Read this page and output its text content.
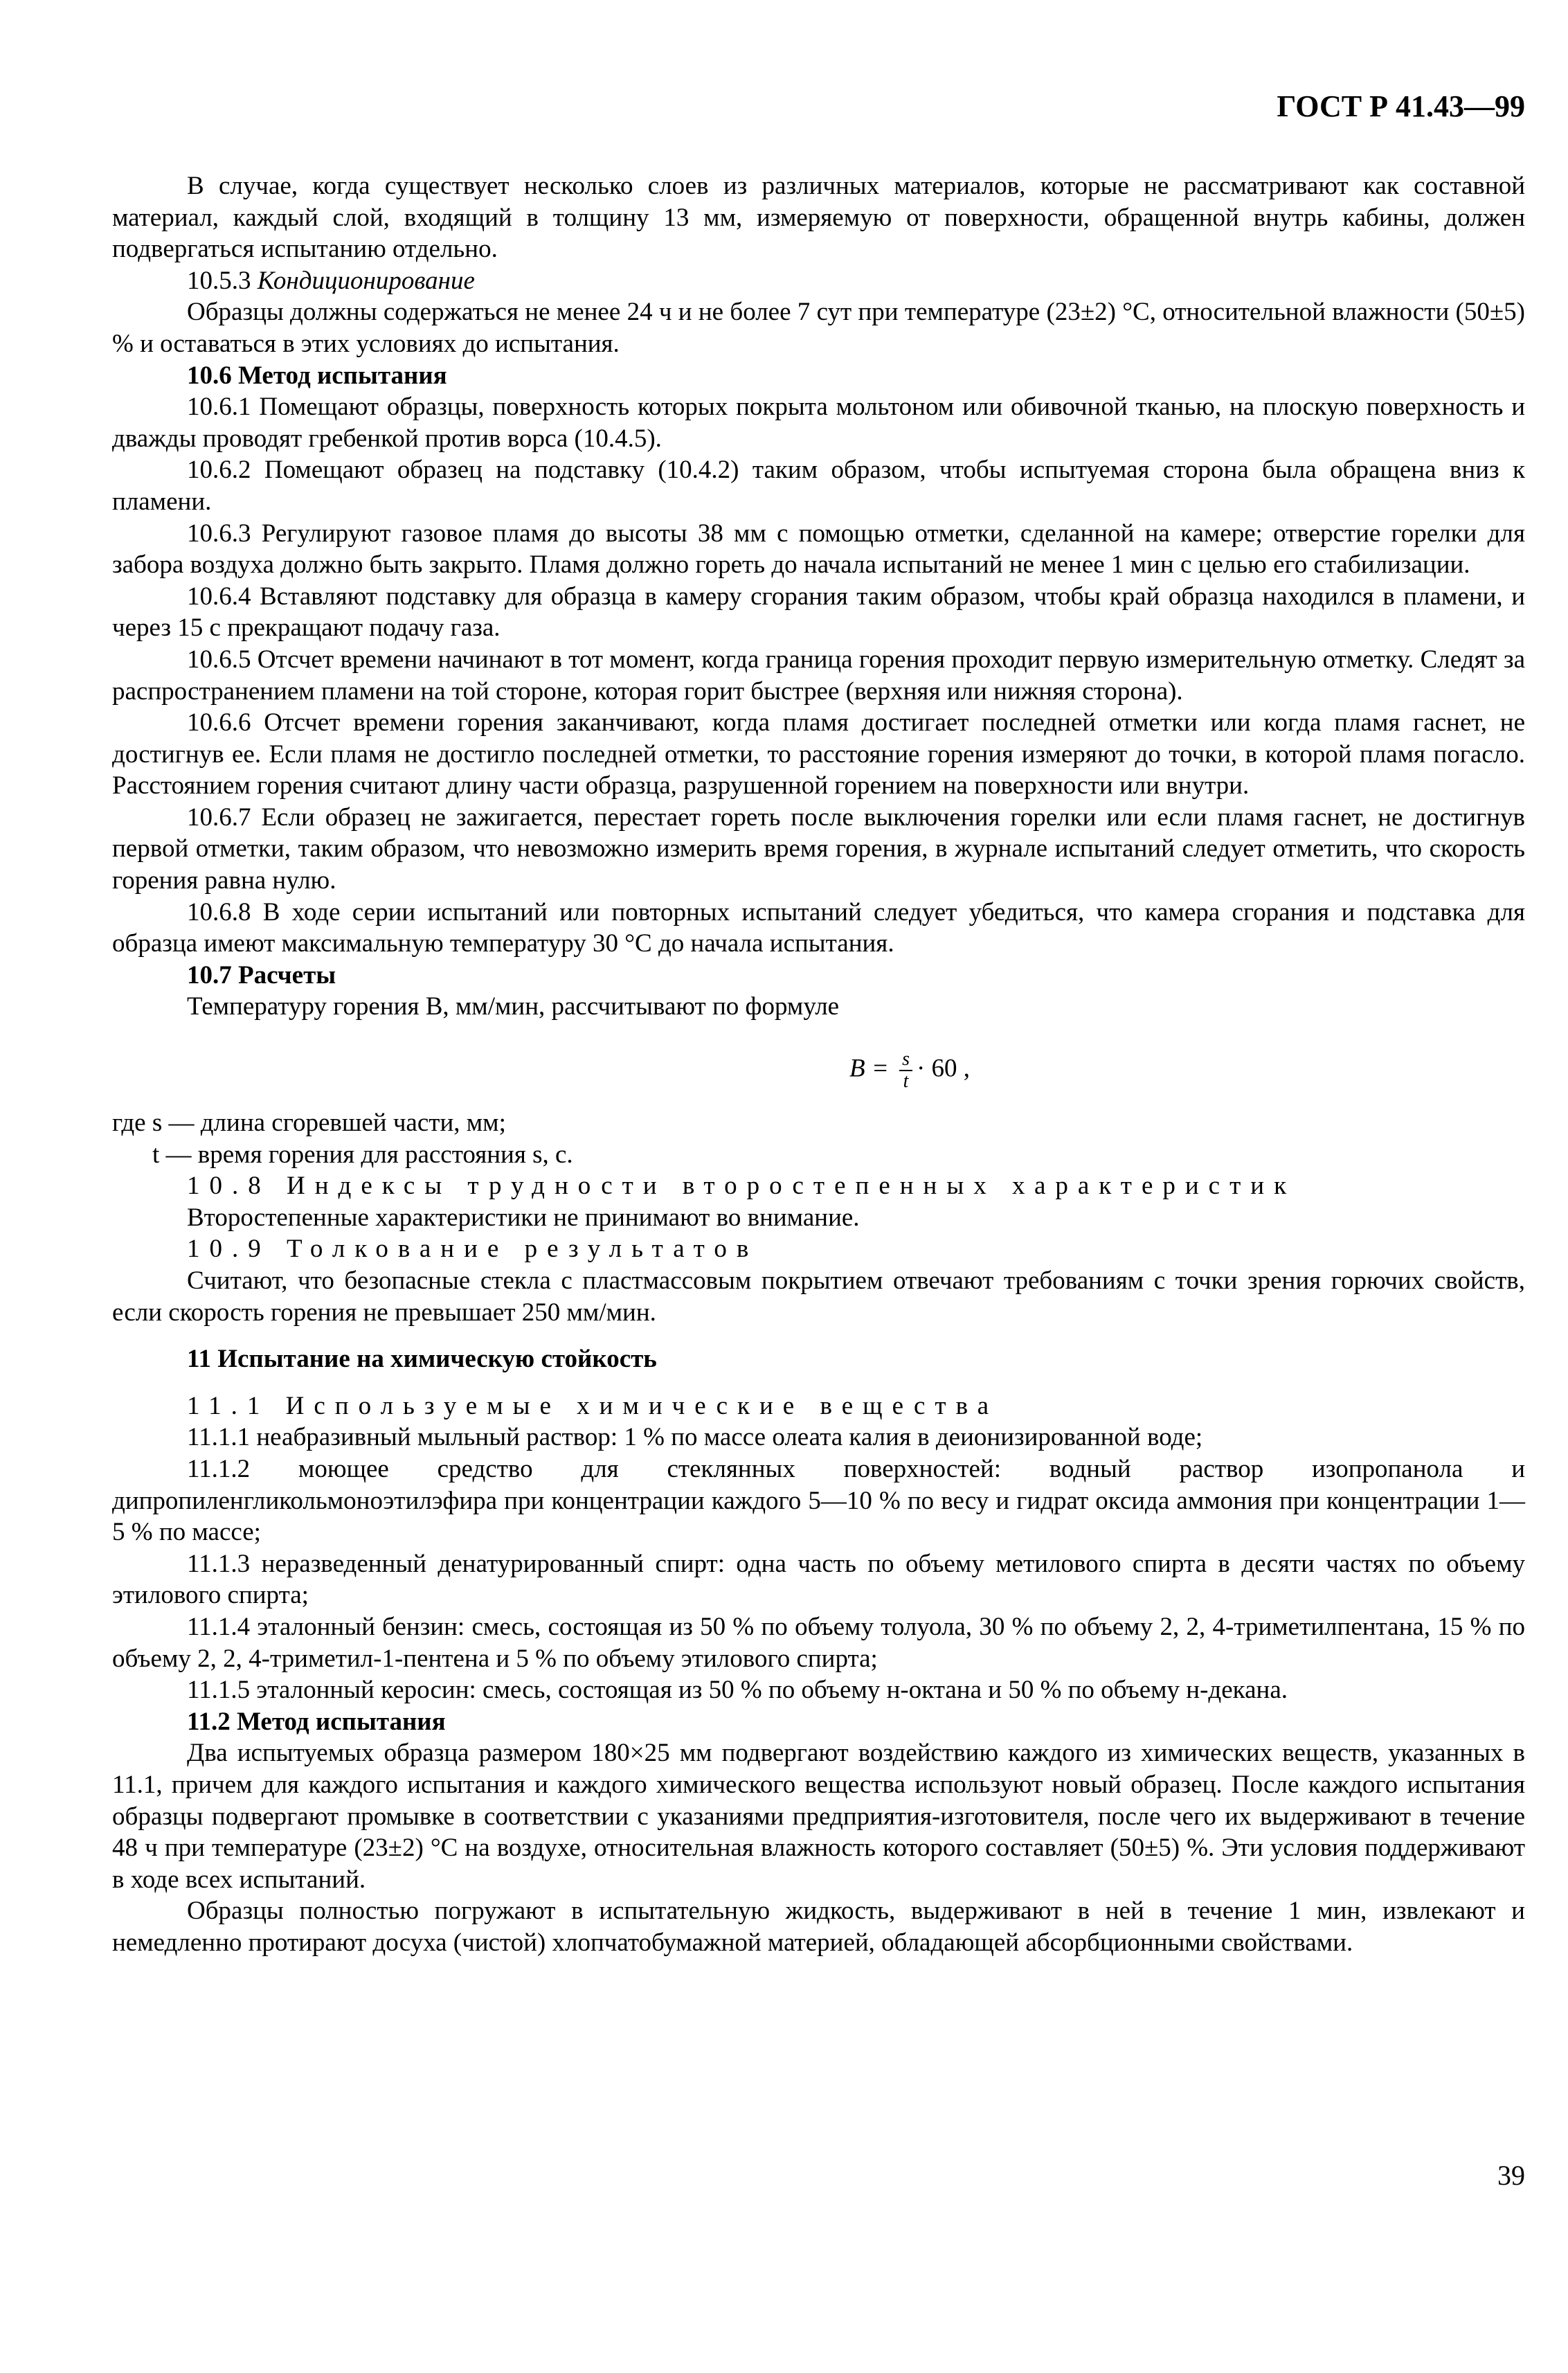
ГОСТ Р 41.43—99

В случае, когда существует несколько слоев из различных материалов, которые не рассматривают как составной материал, каждый слой, входящий в толщину 13 мм, измеряемую от поверхности, обращенной внутрь кабины, должен подвергаться испытанию отдельно.

10.5.3 Кондиционирование

Образцы должны содержаться не менее 24 ч и не более 7 сут при температуре (23±2) °С, относительной влажности (50±5) % и оставаться в этих условиях до испытания.

10.6 Метод испытания

10.6.1 Помещают образцы, поверхность которых покрыта мольтоном или обивочной тканью, на плоскую поверхность и дважды проводят гребенкой против ворса (10.4.5).

10.6.2 Помещают образец на подставку (10.4.2) таким образом, чтобы испытуемая сторона была обращена вниз к пламени.

10.6.3 Регулируют газовое пламя до высоты 38 мм с помощью отметки, сделанной на камере; отверстие горелки для забора воздуха должно быть закрыто. Пламя должно гореть до начала испытаний не менее 1 мин с целью его стабилизации.

10.6.4 Вставляют подставку для образца в камеру сгорания таким образом, чтобы край образца находился в пламени, и через 15 с прекращают подачу газа.

10.6.5 Отсчет времени начинают в тот момент, когда граница горения проходит первую измерительную отметку. Следят за распространением пламени на той стороне, которая горит быстрее (верхняя или нижняя сторона).

10.6.6 Отсчет времени горения заканчивают, когда пламя достигает последней отметки или когда пламя гаснет, не достигнув ее. Если пламя не достигло последней отметки, то расстояние горения измеряют до точки, в которой пламя погасло. Расстоянием горения считают длину части образца, разрушенной горением на поверхности или внутри.

10.6.7 Если образец не зажигается, перестает гореть после выключения горелки или если пламя гаснет, не достигнув первой отметки, таким образом, что невозможно измерить время горения, в журнале испытаний следует отметить, что скорость горения равна нулю.

10.6.8 В ходе серии испытаний или повторных испытаний следует убедиться, что камера сгорания и подставка для образца имеют максимальную температуру 30 °С до начала испытания.

10.7 Расчеты

Температуру горения В, мм/мин, рассчитывают по формуле

$B = \frac{s}{t} \cdot 60$ ,

где s — длина сгоревшей части, мм;

t — время горения для расстояния s, с.

10.8 Индексы трудности второстепенных характеристик

Второстепенные характеристики не принимают во внимание.

10.9 Толкование результатов

Считают, что безопасные стекла с пластмассовым покрытием отвечают требованиям с точки зрения горючих свойств, если скорость горения не превышает 250 мм/мин.

11 Испытание на химическую стойкость

11.1 Используемые химические вещества

11.1.1 неабразивный мыльный раствор: 1 % по массе олеата калия в деионизированной воде;

11.1.2 моющее средство для стеклянных поверхностей: водный раствор изопропанола и дипропиленгликольмоноэтилэфира при концентрации каждого 5—10 % по весу и гидрат оксида аммония при концентрации 1—5 % по массе;

11.1.3 неразведенный денатурированный спирт: одна часть по объему метилового спирта в десяти частях по объему этилового спирта;

11.1.4 эталонный бензин: смесь, состоящая из 50 % по объему толуола, 30 % по объему 2, 2, 4-триметилпентана, 15 % по объему 2, 2, 4-триметил-1-пентена и 5 % по объему этилового спирта;

11.1.5 эталонный керосин: смесь, состоящая из 50 % по объему н-октана и 50 % по объему н-декана.

11.2 Метод испытания

Два испытуемых образца размером 180×25 мм подвергают воздействию каждого из химических веществ, указанных в 11.1, причем для каждого испытания и каждого химического вещества используют новый образец. После каждого испытания образцы подвергают промывке в соответствии с указаниями предприятия-изготовителя, после чего их выдерживают в течение 48 ч при температуре (23±2) °С на воздухе, относительная влажность которого составляет (50±5) %. Эти условия поддерживают в ходе всех испытаний.

Образцы полностью погружают в испытательную жидкость, выдерживают в ней в течение 1 мин, извлекают и немедленно протирают досуха (чистой) хлопчатобумажной материей, обладающей абсорбционными свойствами.

39
